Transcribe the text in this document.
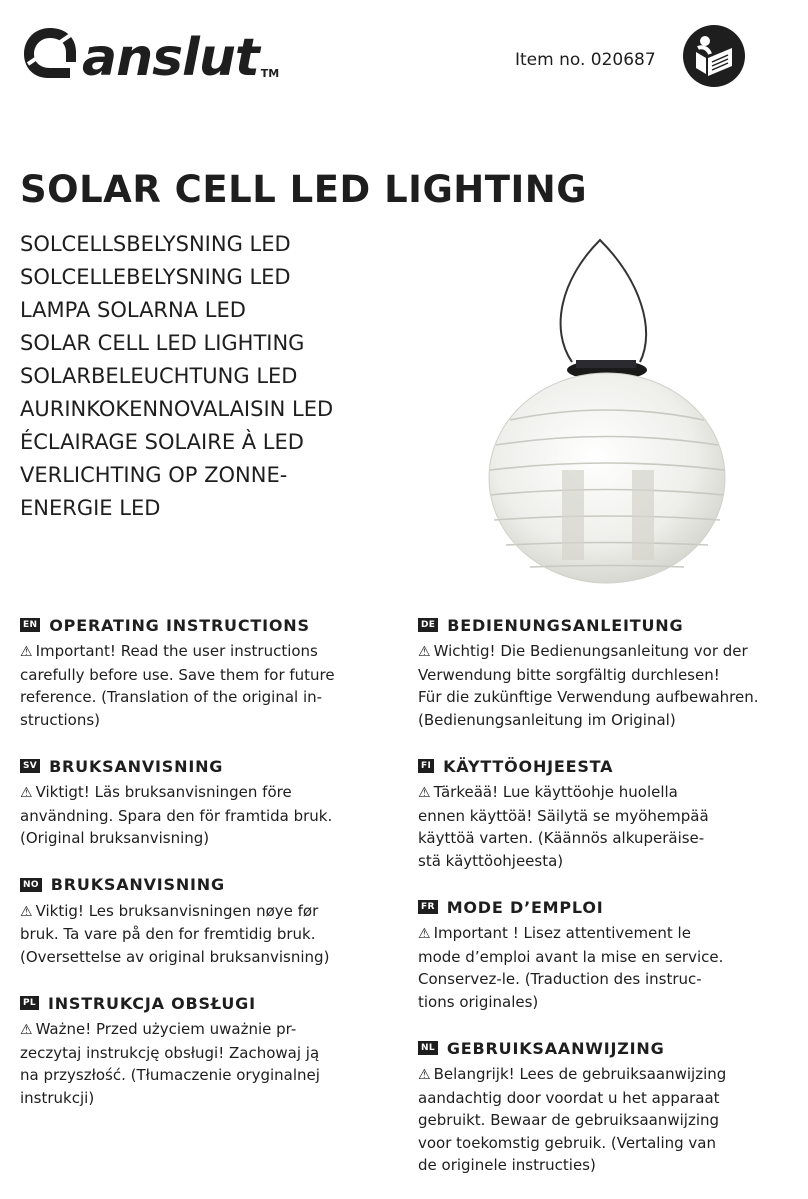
anslut TM
Item no. 020687
SOLAR CELL LED LIGHTING
SOLCELLSBELYSNING LED
SOLCELLEBELYSNING LED
LAMPA SOLARNA LED
SOLAR CELL LED LIGHTING
SOLARBELEUCHTUNG LED
AURINKOKENNOVALAISIN LED
ÉCLAIRAGE SOLAIRE À LED
VERLICHTING OP ZONNE-
ENERGIE LED
EN OPERATING INSTRUCTIONS

⚠ Important! Read the user instructions
carefully before use. Save them for future
reference. (Translation of the original in-
structions)

SV BRUKSANVISNING

⚠ Viktigt! Läs bruksanvisningen före
användning. Spara den för framtida bruk.
(Original bruksanvisning)

NO BRUKSANVISNING

⚠ Viktig! Les bruksanvisningen nøye før
bruk. Ta vare på den for fremtidig bruk.
(Oversettelse av original bruksanvisning)

PL INSTRUKCJA OBSŁUGI

⚠ Ważne! Przed użyciem uważnie pr-
zeczytaj instrukcję obsługi! Zachowaj ją
na przyszłość. (Tłumaczenie oryginalnej
instrukcji)

DE BEDIENUNGSANLEITUNG

⚠ Wichtig! Die Bedienungsanleitung vor der
Verwendung bitte sorgfältig durchlesen!
Für die zukünftige Verwendung aufbewahren.
(Bedienungsanleitung im Original)

FI KÄYTTÖOHJEESTA

⚠ Tärkeää! Lue käyttöohje huolella
ennen käyttöä! Säilytä se myöhempää
käyttöä varten. (Käännös alkuperäise-
stä käyttöohjeesta)

FR MODE D’EMPLOI

⚠ Important ! Lisez attentivement le
mode d’emploi avant la mise en service.
Conservez-le. (Traduction des instruc-
tions originales)

NL GEBRUIKSAANWIJZING

⚠ Belangrijk! Lees de gebruiksaanwijzing
aandachtig door voordat u het apparaat
gebruikt. Bewaar de gebruiksaanwijzing
voor toekomstig gebruik. (Vertaling van
de originele instructies)
